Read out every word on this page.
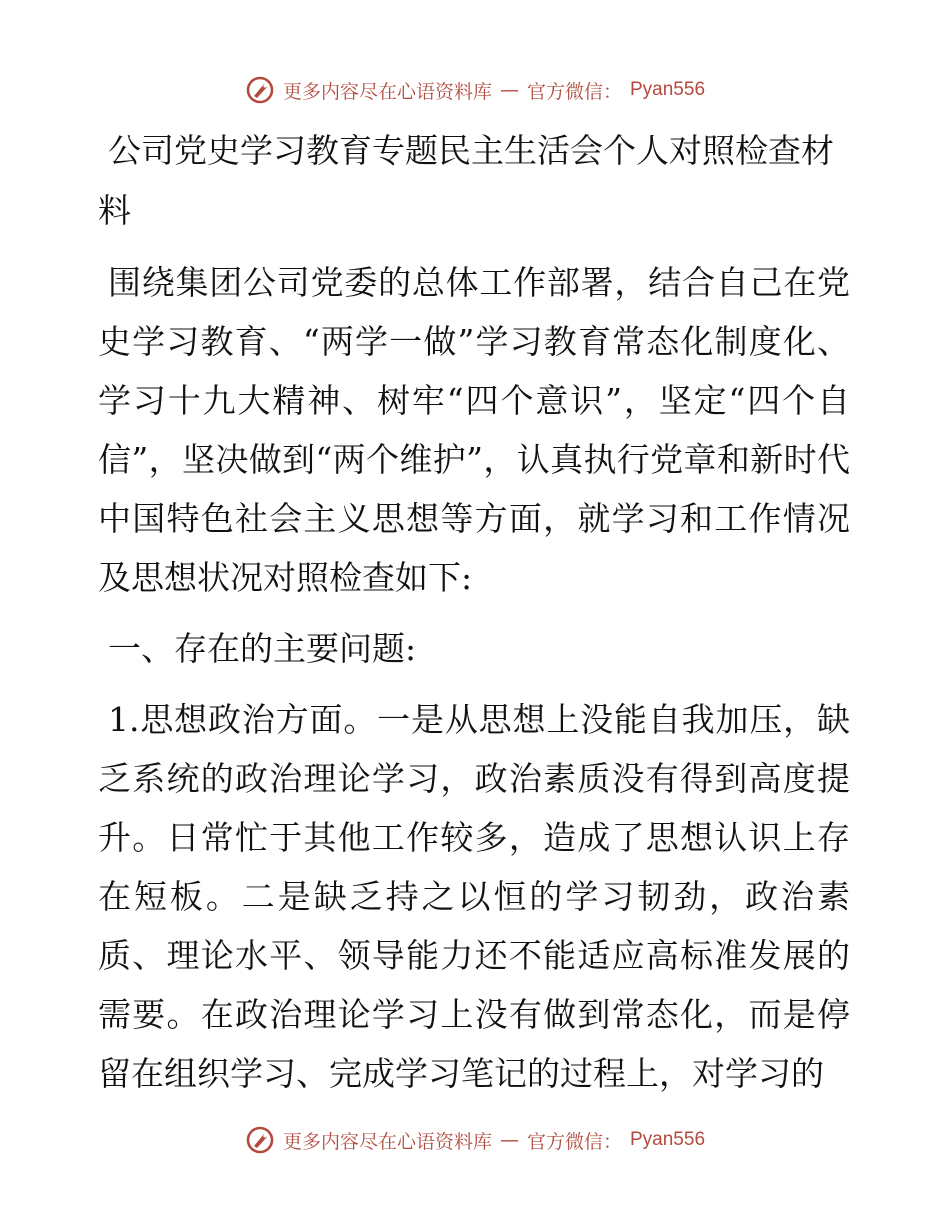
更多内容尽在心语资料库 — 官方微信： Pyan556
公司党史学习教育专题民主生活会个人对照检查材料

围绕集团公司党委的总体工作部署，结合自己在党史学习教育、“两学一做”学习教育常态化制度化、学习十九大精神、树牢“四个意识”，坚定“四个自信”，坚决做到“两个维护”，认真执行党章和新时代中国特色社会主义思想等方面，就学习和工作情况及思想状况对照检查如下:

一、存在的主要问题:

1.思想政治方面。一是从思想上没能自我加压，缺乏系统的政治理论学习，政治素质没有得到高度提升。日常忙于其他工作较多，造成了思想认识上存在短板。二是缺乏持之以恒的学习韧劲，政治素质、理论水平、领导能力还不能适应高标准发展的需要。在政治理论学习上没有做到常态化，而是停留在组织学习、完成学习笔记的过程上，对学习的

更多内容尽在心语资料库 — 官方微信： Pyan556
